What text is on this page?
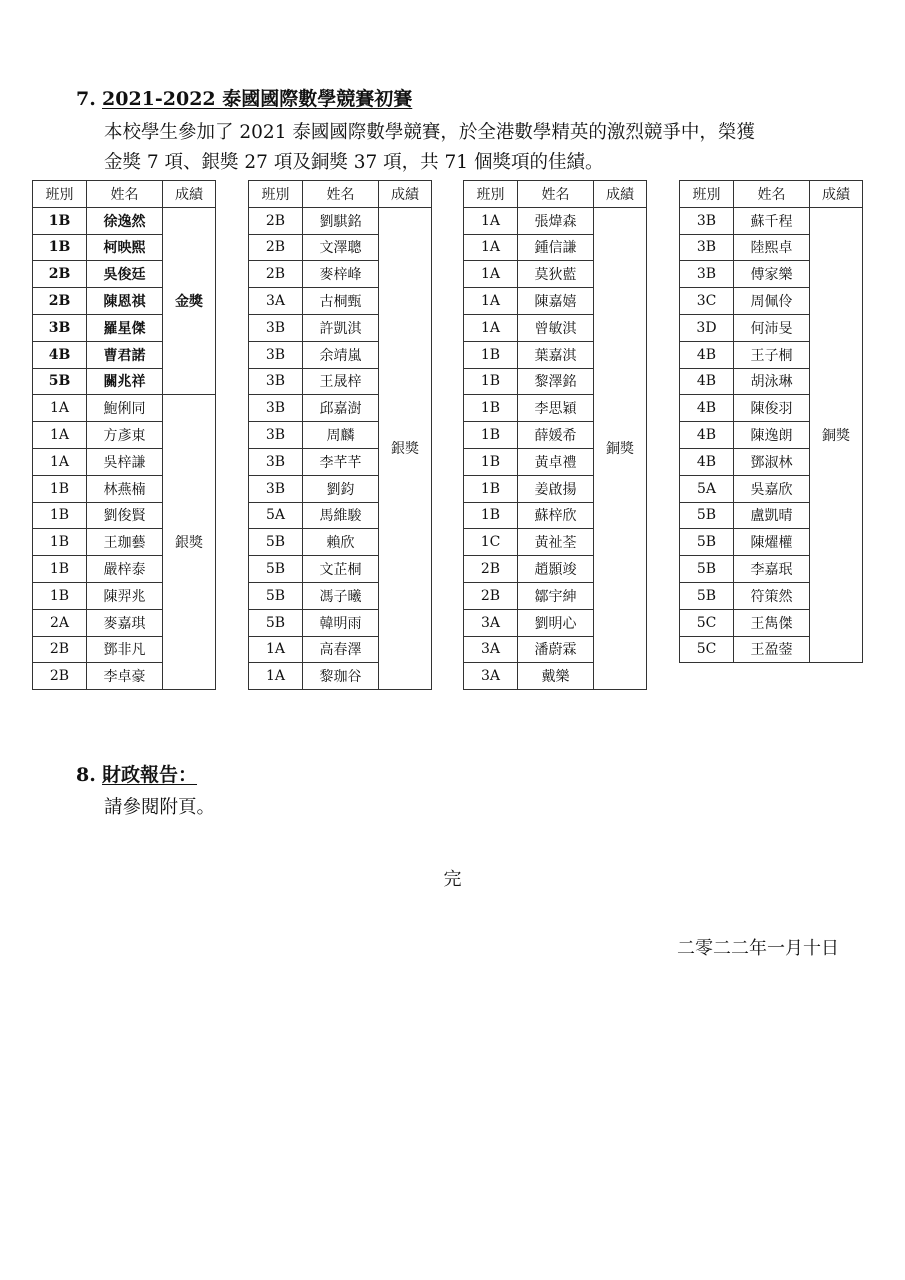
7. 2021-2022 泰國國際數學競賽初賽

本校學生參加了 2021 泰國國際數學競賽，於全港數學精英的激烈競爭中，榮獲

金獎 7 項、銀獎 27 項及銅獎 37 項，共 71 個獎項的佳績。

班別	姓名	成績
1B	徐逸然	金獎
1B	柯映熙	
2B	吳俊廷	
2B	陳恩祺	
3B	羅星傑	
4B	曹君諾	
5B	關兆祥	
1A	鮑俐同	銀獎
1A	方彥東	
1A	吳梓謙	
1B	林燕楠	
1B	劉俊賢	
1B	王珈藝	
1B	嚴梓泰	
1B	陳羿兆	
2A	麥嘉琪	
2B	鄧非凡	
2B	李卓豪	
班別	姓名	成績
2B	劉騏銘	銀獎
2B	文澤聰	
2B	麥梓峰	
3A	古桐甄	
3B	許凱淇	
3B	余靖嵐	
3B	王晟梓	
3B	邱嘉澍	
3B	周麟	
3B	李芊芊	
3B	劉鈞	
5A	馬維駿	
5B	賴欣	
5B	文芷桐	
5B	馮子曦	
5B	韓明雨	
1A	高春澤	
1A	黎珈谷	
班別	姓名	成績
1A	張煒森	銅獎
1A	鍾信謙	
1A	莫狄藍	
1A	陳嘉嬉	
1A	曾敏淇	
1B	葉嘉淇	
1B	黎澤銘	
1B	李思穎	
1B	薛媛希	
1B	黃卓禮	
1B	姜啟揚	
1B	蘇梓欣	
1C	黃祉荃	
2B	趙顥竣	
2B	鄒宇紳	
3A	劉明心	
3A	潘蔚霖	
3A	戴樂	
班別	姓名	成績
3B	蘇千程	銅獎
3B	陸熙卓	
3B	傅家樂	
3C	周佩伶	
3D	何沛旻	
4B	王子桐	
4B	胡泳琳	
4B	陳俊羽	
4B	陳逸朗	
4B	鄧淑林	
5A	吳嘉欣	
5B	盧凱晴	
5B	陳燿權	
5B	李嘉珉	
5B	符策然	
5C	王雋傑	
5C	王盈蓥	
8. 財政報告：

請參閱附頁。

完
二零二二年一月十日
